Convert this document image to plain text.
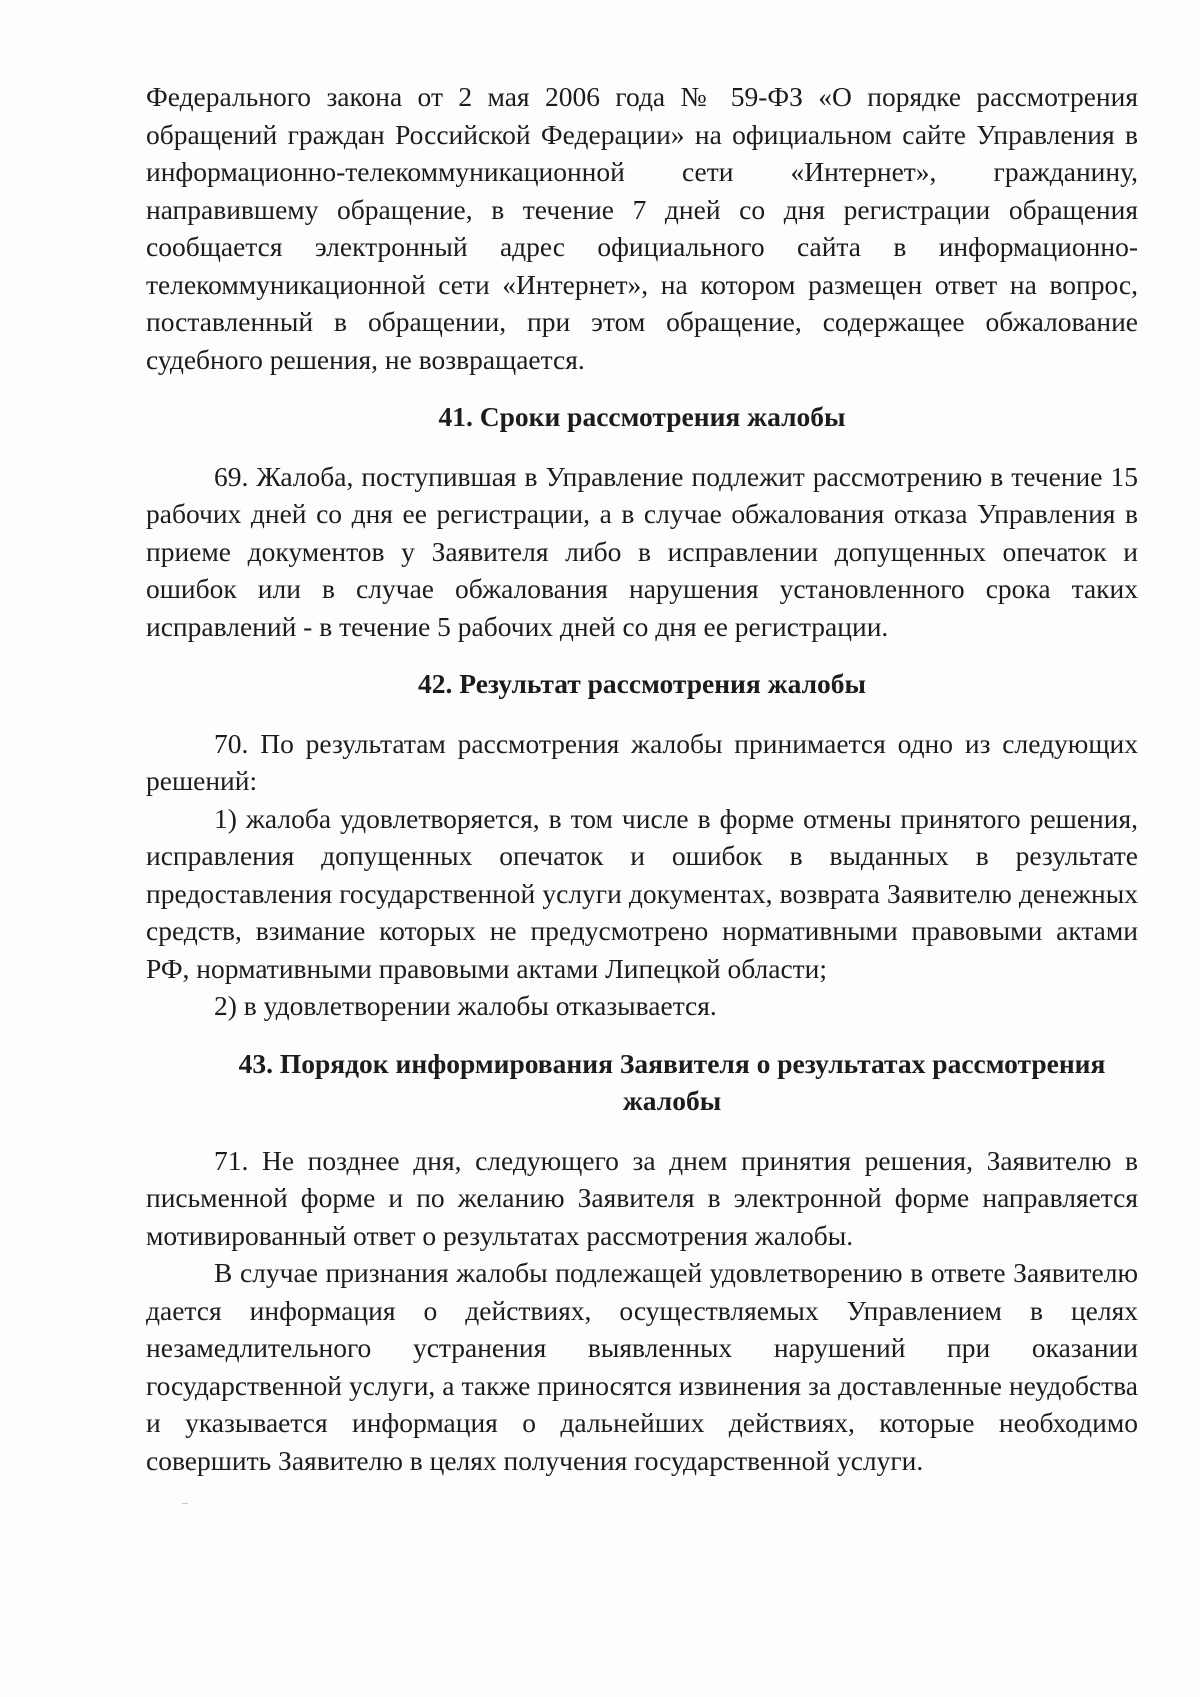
Федерального закона от 2 мая 2006 года № 59-ФЗ «О порядке рассмотрения обращений граждан Российской Федерации» на официальном сайте Управления в информационно-телекоммуникационной сети «Интернет», гражданину, направившему обращение, в течение 7 дней со дня регистрации обращения сообщается электронный адрес официального сайта в информационно-телекоммуникационной сети «Интернет», на котором размещен ответ на вопрос, поставленный в обращении, при этом обращение, содержащее обжалование судебного решения, не возвращается.

41. Сроки рассмотрения жалобы

69. Жалоба, поступившая в Управление подлежит рассмотрению в течение 15 рабочих дней со дня ее регистрации, а в случае обжалования отказа Управления в приеме документов у Заявителя либо в исправлении допущенных опечаток и ошибок или в случае обжалования нарушения установленного срока таких исправлений - в течение 5 рабочих дней со дня ее регистрации.

42. Результат рассмотрения жалобы

70. По результатам рассмотрения жалобы принимается одно из следующих решений:

1) жалоба удовлетворяется, в том числе в форме отмены принятого решения, исправления допущенных опечаток и ошибок в выданных в результате предоставления государственной услуги документах, возврата Заявителю денежных средств, взимание которых не предусмотрено нормативными правовыми актами РФ, нормативными правовыми актами Липецкой области;

2) в удовлетворении жалобы отказывается.

43. Порядок информирования Заявителя о результатах рассмотрения жалобы

71. Не позднее дня, следующего за днем принятия решения, Заявителю в письменной форме и по желанию Заявителя в электронной форме направляется мотивированный ответ о результатах рассмотрения жалобы.

В случае признания жалобы подлежащей удовлетворению в ответе Заявителю дается информация о действиях, осуществляемых Управлением в целях незамедлительного устранения выявленных нарушений при оказании государственной услуги, а также приносятся извинения за доставленные неудобства и указывается информация о дальнейших действиях, которые необходимо совершить Заявителю в целях получения государственной услуги.
